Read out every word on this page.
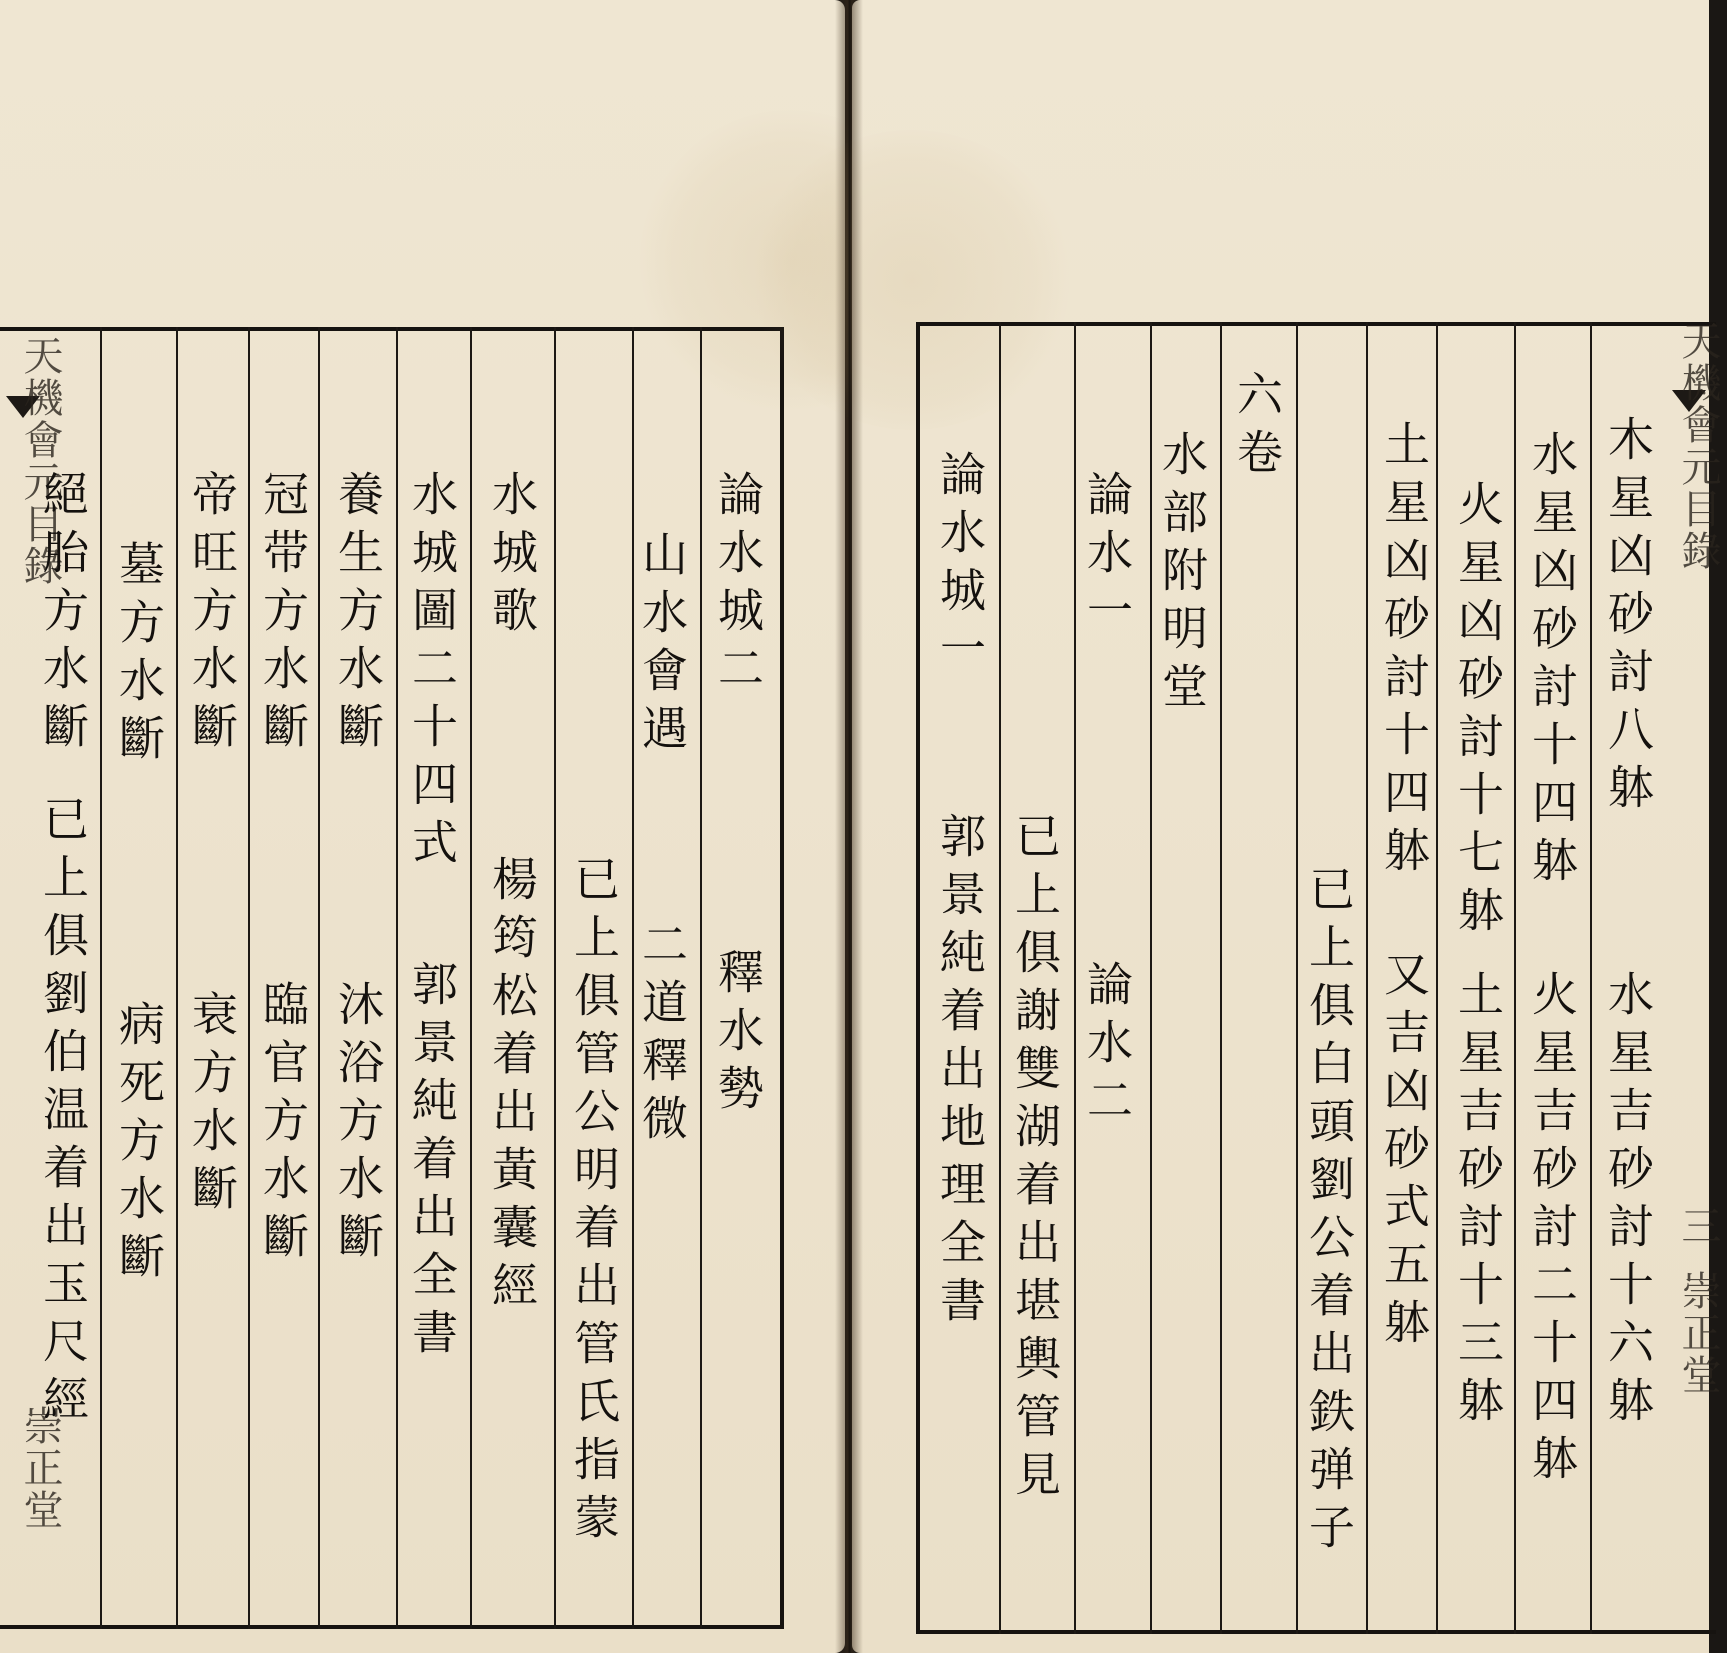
天機會元目錄
崇正堂
論水城二
釋水勢
山水會遇
二道釋微
已上俱管公明着出管氏指蒙
水城歌
楊筠松着出黃囊經
水城圖二十四式
郭景純着出全書
養生方水斷
沐浴方水斷
冠带方水斷
臨官方水斷
帝旺方水斷
衰方水斷
墓方水斷
病死方水斷
絕胎方水斷
已上俱劉伯温着出玉尺經
天機會元目錄
三
崇正堂
木星凶砂討八躰
水星吉砂討十六躰
水星凶砂討十四躰
火星吉砂討二十四躰
火星凶砂討十七躰
土星吉砂討十三躰
土星凶砂討十四躰
又吉凶砂式五躰
已上俱白頭劉公着出鉄弹子
六卷
水部附明堂
論水一
論水二
已上俱謝雙湖着出堪輿管見
論水城一
郭景純着出地理全書
